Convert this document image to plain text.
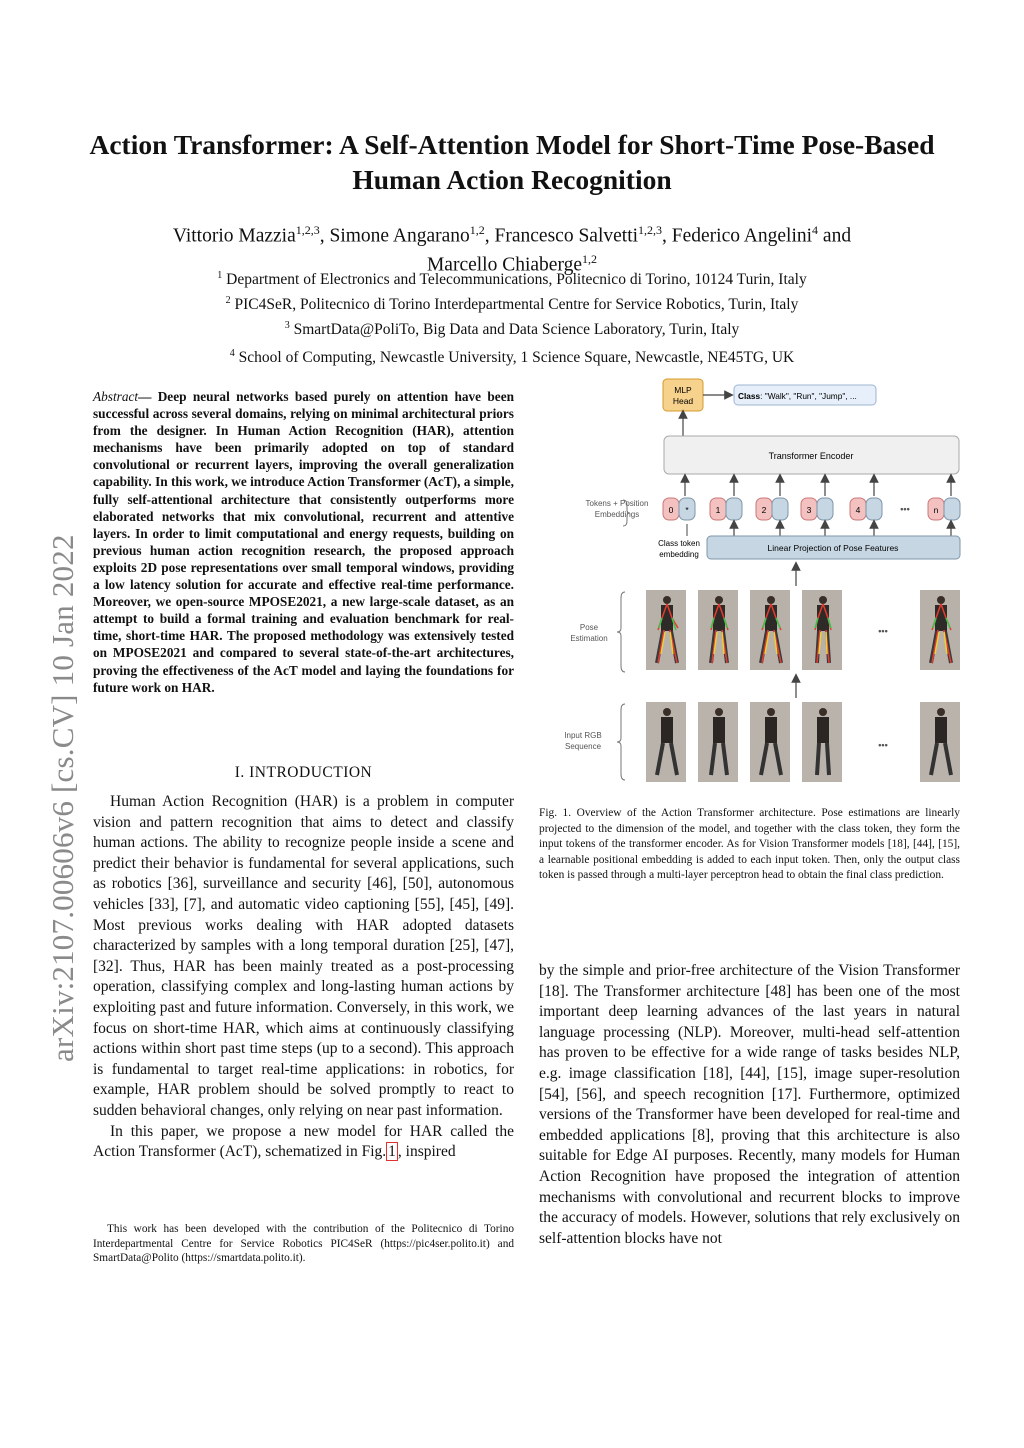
arXiv:2107.00606v6 [cs.CV] 10 Jan 2022
Action Transformer: A Self-Attention Model for Short-Time Pose-Based
Human Action Recognition
Vittorio Mazzia$^{1,2,3}$, Simone Angarano$^{1,2}$, Francesco Salvetti$^{1,2,3}$, Federico Angelini$^4$ and
Marcello Chiaberge$^{1,2}$
$^1$ Department of Electronics and Telecommunications, Politecnico di Torino, 10124 Turin, Italy
$^2$ PIC4SeR, Politecnico di Torino Interdepartmental Centre for Service Robotics, Turin, Italy
$^3$ SmartData@PoliTo, Big Data and Data Science Laboratory, Turin, Italy
$^4$ School of Computing, Newcastle University, 1 Science Square, Newcastle, NE45TG, UK
Abstract— Deep neural networks based purely on attention have been successful across several domains, relying on minimal architectural priors from the designer. In Human Action Recognition (HAR), attention mechanisms have been primarily adopted on top of standard convolutional or recurrent layers, improving the overall generalization capability. In this work, we introduce Action Transformer (AcT), a simple, fully self-attentional architecture that consistently outperforms more elaborated networks that mix convolutional, recurrent and attentive layers. In order to limit computational and energy requests, building on previous human action recognition research, the proposed approach exploits 2D pose representations over small temporal windows, providing a low latency solution for accurate and effective real-time performance. Moreover, we open-source MPOSE2021, a new large-scale dataset, as an attempt to build a formal training and evaluation benchmark for real-time, short-time HAR. The proposed methodology was extensively tested on MPOSE2021 and compared to several state-of-the-art architectures, proving the effectiveness of the AcT model and laying the foundations for future work on HAR.
I. INTRODUCTION

Human Action Recognition (HAR) is a problem in computer vision and pattern recognition that aims to detect and classify human actions. The ability to recognize people inside a scene and predict their behavior is fundamental for several applications, such as robotics [36], surveillance and security [46], [50], autonomous vehicles [33], [7], and automatic video captioning [55], [45], [49]. Most previous works dealing with HAR adopted datasets characterized by samples with a long temporal duration [25], [47], [32]. Thus, HAR has been mainly treated as a post-processing operation, classifying complex and long-lasting human actions by exploiting past and future information. Conversely, in this work, we focus on short-time HAR, which aims at continuously classifying actions within short past time steps (up to a second). This approach is fundamental to target real-time applications: in robotics, for example, HAR problem should be solved promptly to react to sudden behavioral changes, only relying on near past information.

In this paper, we propose a new model for HAR called the Action Transformer (AcT), schematized in Fig. 1 , inspired

This work has been developed with the contribution of the Politecnico di Torino Interdepartmental Centre for Service Robotics PIC4SeR (https://pic4ser.polito.it) and SmartData@Polito (https://smartdata.polito.it).

MLP
Head	Class: "Walk", "Run", "Jump", ...
Transformer Encoder
Tokens + Position
Embeddings	0 *	1	2	3	4	•••	n
Class token
embedding
Linear Projection of Pose Features
Pose
Estimation
•••
Input RGB
Sequence	•••
Fig. 1. Overview of the Action Transformer architecture. Pose estimations are linearly projected to the dimension of the model, and together with the class token, they form the input tokens of the transformer encoder. As for Vision Transformer models [18], [44], [15], a learnable positional embedding is added to each input token. Then, only the output class token is passed through a multi-layer perceptron head to obtain the final class prediction.
by the simple and prior-free architecture of the Vision Transformer [18]. The Transformer architecture [48] has been one of the most important deep learning advances of the last years in natural language processing (NLP). Moreover, multi-head self-attention has proven to be effective for a wide range of tasks besides NLP, e.g. image classification [18], [44], [15], image super-resolution [54], [56], and speech recognition [17]. Furthermore, optimized versions of the Transformer have been developed for real-time and embedded applications [8], proving that this architecture is also suitable for Edge AI purposes. Recently, many models for Human Action Recognition have proposed the integration of attention mechanisms with convolutional and recurrent blocks to improve the accuracy of models. However, solutions that rely exclusively on self-attention blocks have not
